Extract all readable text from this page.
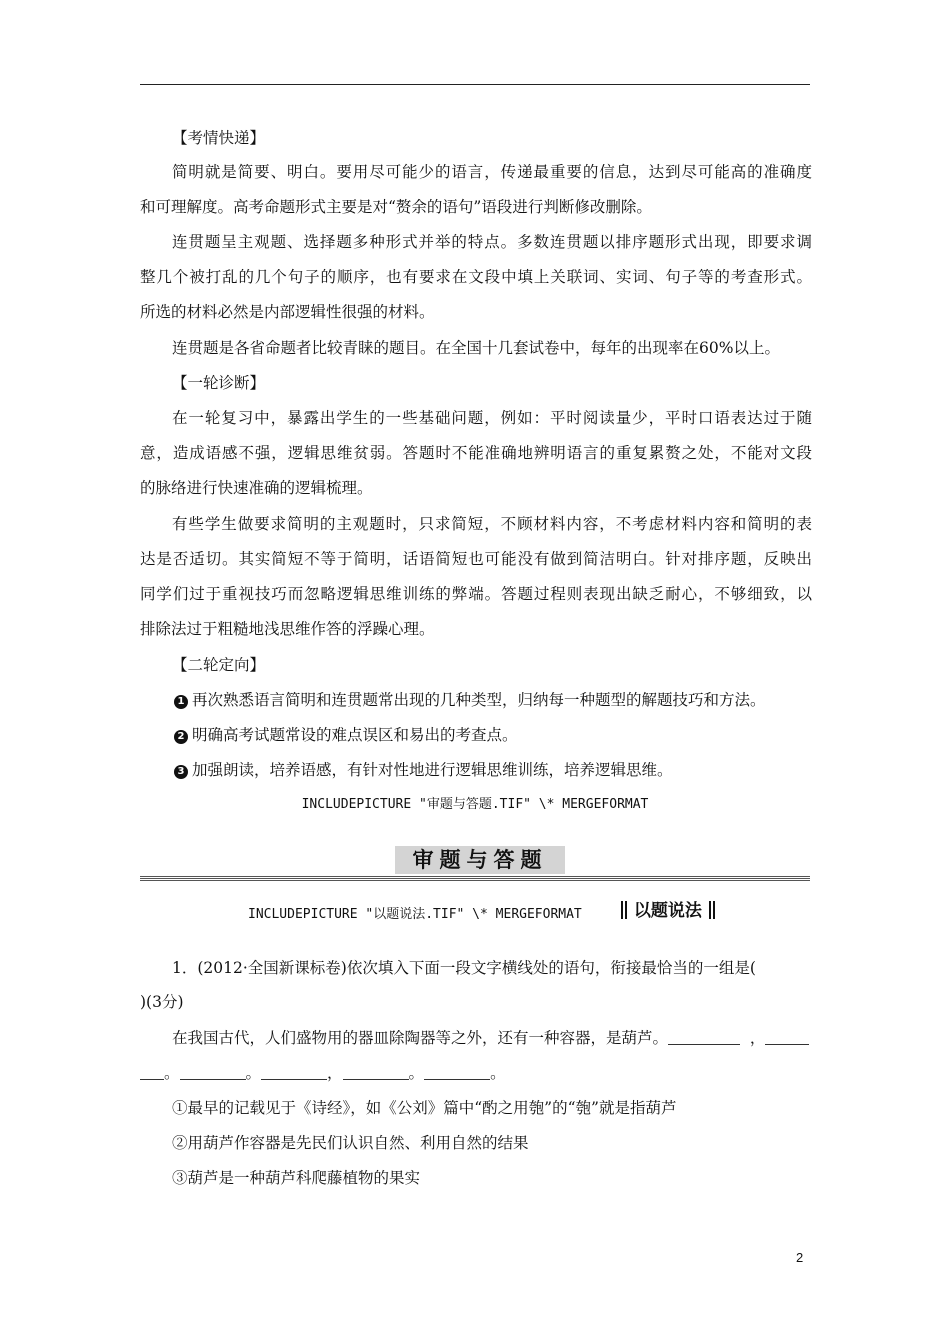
【考情快递】
简明就是简要、明白。要用尽可能少的语言，传递最重要的信息，达到尽可能高的准确度
和可理解度。高考命题形式主要是对“赘余的语句”语段进行判断修改删除。
连贯题呈主观题、选择题多种形式并举的特点。多数连贯题以排序题形式出现，即要求调
整几个被打乱的几个句子的顺序，也有要求在文段中填上关联词、实词、句子等的考查形式。
所选的材料必然是内部逻辑性很强的材料。
连贯题是各省命题者比较青睐的题目。在全国十几套试卷中，每年的出现率在60%以上。
【一轮诊断】
在一轮复习中，暴露出学生的一些基础问题，例如：平时阅读量少，平时口语表达过于随
意，造成语感不强，逻辑思维贫弱。答题时不能准确地辨明语言的重复累赘之处，不能对文段
的脉络进行快速准确的逻辑梳理。
有些学生做要求简明的主观题时，只求简短，不顾材料内容，不考虑材料内容和简明的表
达是否适切。其实简短不等于简明，话语简短也可能没有做到简洁明白。针对排序题，反映出
同学们过于重视技巧而忽略逻辑思维训练的弊端。答题过程则表现出缺乏耐心，不够细致，以
排除法过于粗糙地浅思维作答的浮躁心理。
【二轮定向】
1 再次熟悉语言简明和连贯题常出现的几种类型，归纳每一种题型的解题技巧和方法。
2 明确高考试题常设的难点误区和易出的考查点。
3 加强朗读，培养语感，有针对性地进行逻辑思维训练，培养逻辑思维。
INCLUDEPICTURE "审题与答题.TIF" \* MERGEFORMAT
审题与答题
INCLUDEPICTURE "以题说法.TIF" \* MERGEFORMAT	以题说法
1．(2012·全国新课标卷)依次填入下面一段文字横线处的语句，衔接最恰当的一组是(
)(3分)
在我国古代，人们盛物用的器皿除陶器等之外，还有一种容器，是葫芦。	，
。	。	，	。	。
①最早的记载见于《诗经》，如《公刘》篇中“酌之用匏”的“匏”就是指葫芦
②用葫芦作容器是先民们认识自然、利用自然的结果
③葫芦是一种葫芦科爬藤植物的果实
2
